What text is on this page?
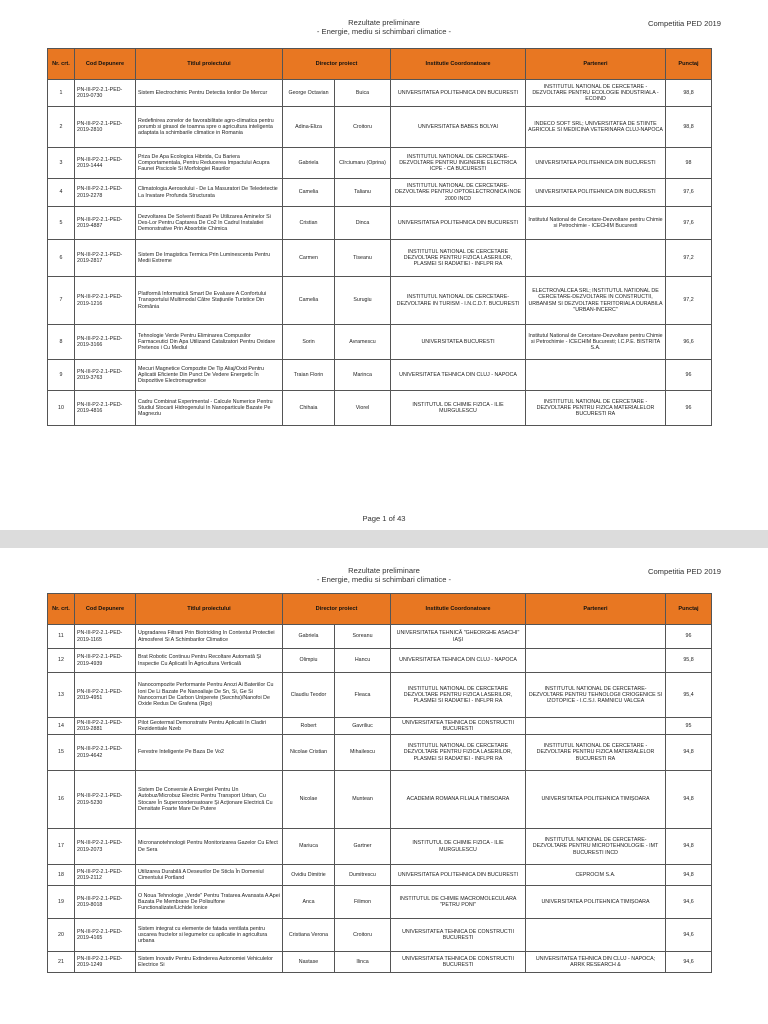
Rezultate preliminare
- Energie, mediu si schimbari climatice -
Competitia PED 2019
Nr. crt.	Cod Depunere	Titlul proiectului	Director proiect		Institutie Coordonatoare	Parteneri	Punctaj
1	PN-III-P2-2.1-PED-2019-0730	Sistem Electrochimic Pentru Detectia Ionilor De Mercur	George Octavian	Buica	UNIVERSITATEA POLITEHNICA DIN BUCURESTI	INSTITUTUL NATIONAL DE CERCETARE - DEZVOLTARE PENTRU ECOLOGIE INDUSTRIALA - ECOIND	98,8
2	PN-III-P2-2.1-PED-2019-2810	Redefinirea zonelor de favorabilitate agro-climatica pentru porumb si girasol de toamna spre o agricultura inteligenta adaptata la schimbarile climatice in Romania	Adina-Eliza	Croitoru	UNIVERSITATEA BABES BOLYAI	INDECO SOFT SRL; UNIVERSITATEA DE STIINTE AGRICOLE SI MEDICINA VETERINARA CLUJ-NAPOCA	98,8
3	PN-III-P2-2.1-PED-2019-1444	Priza De Apa Ecologica Hibrida, Cu Bariera Comportamentala, Pentru Reducerea Impactului Acupra Faunei Piscicole Si Morfologiei Raurilor	Gabriela	Cîrciumaru (Oprina)	INSTITUTUL NATIONAL DE CERCETARE-DEZVOLTARE PENTRU INGINERIE ELECTRICA ICPE - CA BUCURESTI	UNIVERSITATEA POLITEHNICA DIN BUCURESTI	98
4	PN-III-P2-2.1-PED-2019-2278	Climatologia Aerosolului - De La Masuratori De Teledetectie La Invatare Profunda Structurata	Camelia	Talianu	INSTITUTUL NATIONAL DE CERCETARE-DEZVOLTARE PENTRU OPTOELECTRONICA INOE 2000 INCD	UNIVERSITATEA POLITEHNICA DIN BUCURESTI	97,6
5	PN-III-P2-2.1-PED-2019-4887	Dezvoltarea De Solventi Bazati Pe Utilizarea Aminelor Si Des-Lor Pentru Captarea De Co2 In Cadrul Instalatiei Demonstrative Prin Absorbtie Chimica	Cristian	Dinca	UNIVERSITATEA POLITEHNICA DIN BUCURESTI	Institutul National de Cercetare-Dezvoltare pentru Chimie si Petrochimie - ICECHIM Bucuresti	97,6
6	PN-III-P2-2.1-PED-2019-2817	Sistem De Imagistica Termica Prin Luminescenta Pentru Medii Extreme	Carmen	Tiseanu	INSTITUTUL NATIONAL DE CERCETARE DEZVOLTARE PENTRU FIZICA LASERILOR, PLASMEI SI RADIATIEI - INFLPR RA		97,2
7	PN-III-P2-2.1-PED-2019-1216	Platformă Informatică Smart De Evaluare A Confortului Transportului Multimodal Către Stațiunile Turistice Din România	Camelia	Surugiu	INSTITUTUL NATIONAL DE CERCETARE-DEZVOLTARE IN TURISM - I.N.C.D.T. BUCURESTI	ELECTROVALCEA SRL; INSTITUTUL NATIONAL DE CERCETARE-DEZVOLTARE IN CONSTRUCTII, URBANISM SI DEZVOLTARE TERITORIALA DURABILA "URBAN-INCERC"	97,2
8	PN-III-P2-2.1-PED-2019-3166	Tehnologie Verde Pentru Eliminarea Compusilor Farmaceutici Din Apa Utilizand Catalizatori Pentru Oxidare Pretenos i Cu Mediul	Sorin	Avramescu	UNIVERSITATEA BUCURESTI	Institutul National de Cercetare-Dezvoltare pentru Chimie si Petrochimie - ICECHIM Bucuresti; I.C.P.E. BISTRITA S.A.	96,6
9	PN-III-P2-2.1-PED-2019-3763	Mecuri Magnetice Compozite De Tip Aliaj/Oxid Pentru Aplicatii Eficiente Din Punct De Vedere Energetic În Dispozitive Electromagnetice	Traian Florin	Marinca	UNIVERSITATEA TEHNICA DIN CLUJ - NAPOCA		96
10	PN-III-P2-2.1-PED-2019-4816	Cadru Combinat Experimental - Calcule Numerice Pentru Studiul Stocarii Hidrogenului In Nanoparticule Bazate Pe Magneziu	Chihaia	Viorel	INSTITUTUL DE CHIMIE FIZICA - ILIE MURGULESCU	INSTITUTUL NATIONAL DE CERCETARE - DEZVOLTARE PENTRU FIZICA MATERIALELOR BUCURESTI RA	96
Page 1 of 43
Rezultate preliminare
- Energie, mediu si schimbari climatice -
Competitia PED 2019
Nr. crt.	Cod Depunere	Titlul proiectului	Director proiect		Institutie Coordonatoare	Parteneri	Punctaj
11	PN-III-P2-2.1-PED-2019-1165	Upgradarea Filtrarii Prin Biotrickling In Contextul Protectiei Atmosferei Si A Schimbarilor Climatice	Gabriela	Soreanu	UNIVERSITATEA TEHNICĂ "GHEORGHE ASACHI" IAŞI		96
12	PN-III-P2-2.1-PED-2019-4939	Brat Robotic Continuu Pentru Recoltare Automată Și Inspectie Cu Aplicatii În Agricultura Verticală	Olimpiu	Hancu	UNIVERSITATEA TEHNICA DIN CLUJ - NAPOCA		95,8
13	PN-III-P2-2.1-PED-2019-4951	Nanocompozite Performante Pentru Anozi Ai Bateriilor Cu Ioni De Li Bazate Pe Nanoaliaje De Sn, Si, Ge Si Nanocornuri De Carbon Uniperete (Swcnhs)/Nanofoi De Oxide Redus De Grafena (Rgo)	Claudiu Teodor	Fleaca	INSTITUTUL NATIONAL DE CERCETARE DEZVOLTARE PENTRU FIZICA LASERILOR, PLASMEI SI RADIATIEI - INFLPR RA	INSTITUTUL NATIONAL DE CERCETARE-DEZVOLTARE PENTRU TEHNOLOGII CRIOGENICE SI IZOTOPICE - I.C.S.I. RAMNICU VALCEA	95,4
14	PN-III-P2-2.1-PED-2019-2881	Pilot Geotermal Demonstrativ Pentru Aplicatii In Cladiri Rezidentiale Nzeb	Robert	Gavriliuc	UNIVERSITATEA TEHNICA DE CONSTRUCTII BUCURESTI		95
15	PN-III-P2-2.1-PED-2019-4642	Ferestre Inteligente Pe Baza De Vo2	Nicolae Cristian	Mihailescu	INSTITUTUL NATIONAL DE CERCETARE DEZVOLTARE PENTRU FIZICA LASERILOR, PLASMEI SI RADIATIEI - INFLPR RA	INSTITUTUL NATIONAL DE CERCETARE - DEZVOLTARE PENTRU FIZICA MATERIALELOR BUCURESTI RA	94,8
16	PN-III-P2-2.1-PED-2019-5230	Sistem De Conversie A Energiei Pentru Un Autobuz/Microbuz Electric Pentru Transport Urban, Cu Stocare În Supercondensatoare Și Acționare Electrică Cu Densitate Foarte Mare De Putere	Nicolae	Muntean	ACADEMIA ROMANA FILIALA TIMISOARA	UNIVERSITATEA POLITEHNICA TIMIȘOARA	94,8
17	PN-III-P2-2.1-PED-2019-2073	Micronanotehnologii Pentru Monitorizarea Gazelor Cu Efect De Sera	Mariuca	Gartner	INSTITUTUL DE CHIMIE FIZICA - ILIE MURGULESCU	INSTITUTUL NATIONAL DE CERCETARE-DEZVOLTARE PENTRU MICROTEHNOLOGIE - IMT BUCURESTI INCD	94,8
18	PN-III-P2-2.1-PED-2019-2112	Utilizarea Durabilă A Deseurilor De Sticla În Domeniul Cimentului Portland	Ovidiu Dimitrie	Dumitrescu	UNIVERSITATEA POLITEHNICA DIN BUCURESTI	CEPROCIM S.A.	94,8
19	PN-III-P2-2.1-PED-2019-8018	O Noua Tehnologie „Verde" Pentru Tratarea Avansata A Apei Bazata Pe Membrane De Polisulfone Functionalizate/Lichide Ionice	Anca	Filimon	INSTITUTUL DE CHIMIE MACROMOLECULARA "PETRU PONI"	UNIVERSITATEA POLITEHNICA TIMIȘOARA	94,6
20	PN-III-P2-2.1-PED-2019-4165	Sistem integrat cu elemente de fatada ventilata pentru uscarea fructelor si legumelor cu aplicatie in agricultura urbana	Cristiana Verona	Croitoru	UNIVERSITATEA TEHNICA DE CONSTRUCTII BUCURESTI		94,6
21	PN-III-P2-2.1-PED-2019-1249	Sistem Inovativ Pentru Extinderea Autonomiei Vehiculelor Electrice Si	Nastase	Ilinca	UNIVERSITATEA TEHNICA DE CONSTRUCTII BUCURESTI	UNIVERSITATEA TEHNICA DIN CLUJ - NAPOCA; ARRK RESEARCH &	94,6
